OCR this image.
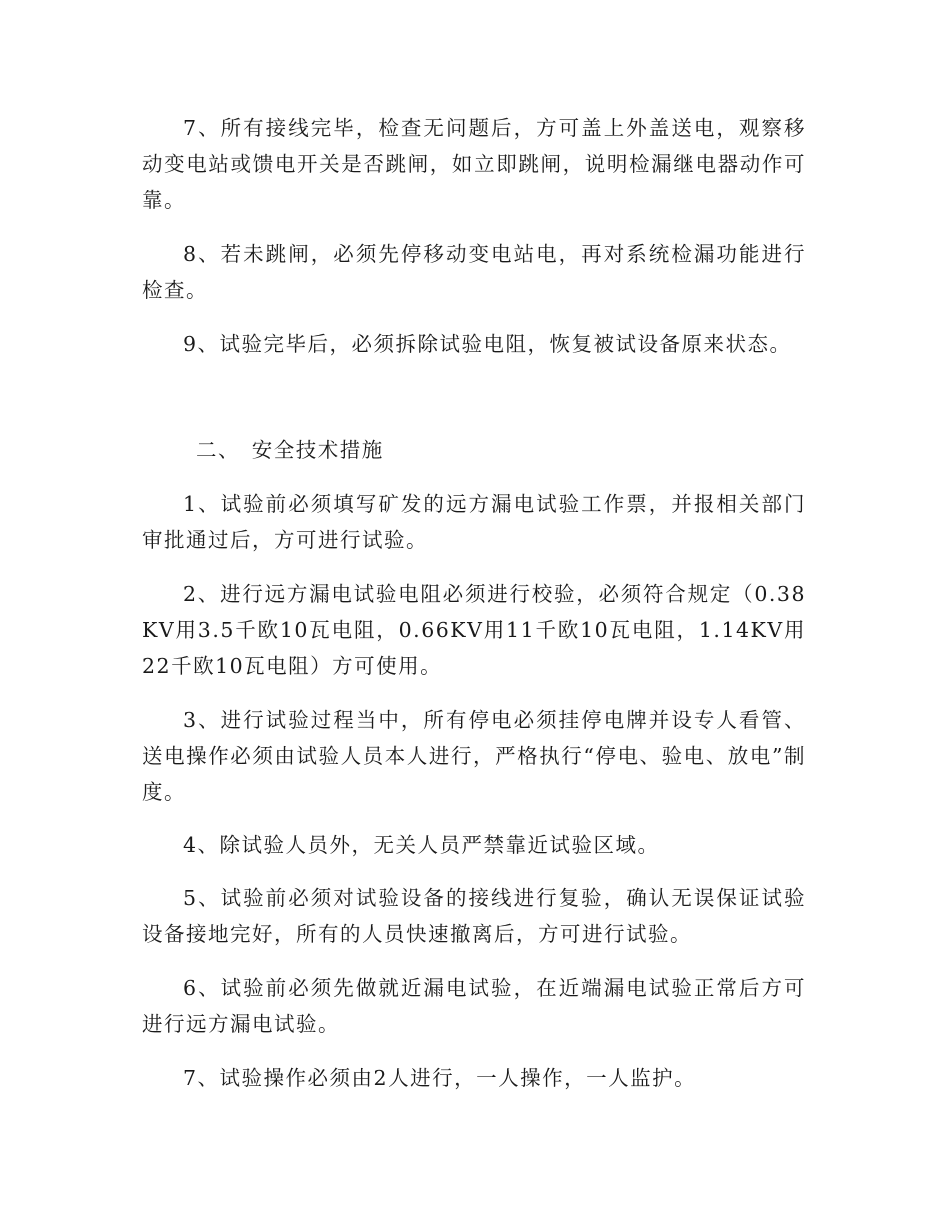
7、所有接线完毕，检查无问题后，方可盖上外盖送电，观察移动变电站或馈电开关是否跳闸，如立即跳闸，说明检漏继电器动作可靠。

8、若未跳闸，必须先停移动变电站电，再对系统检漏功能进行检查。

9、试验完毕后，必须拆除试验电阻，恢复被试设备原来状态。

二、　安全技术措施

1、试验前必须填写矿发的远方漏电试验工作票，并报相关部门审批通过后，方可进行试验。

2、进行远方漏电试验电阻必须进行校验，必须符合规定（0.38KV用3.5千欧10瓦电阻，0.66KV用11千欧10瓦电阻，1.14KV用22千欧10瓦电阻）方可使用。

3、进行试验过程当中，所有停电必须挂停电牌并设专人看管、送电操作必须由试验人员本人进行，严格执行“停电、验电、放电”制度。

4、除试验人员外，无关人员严禁靠近试验区域。

5、试验前必须对试验设备的接线进行复验，确认无误保证试验设备接地完好，所有的人员快速撤离后，方可进行试验。

6、试验前必须先做就近漏电试验，在近端漏电试验正常后方可进行远方漏电试验。

7、试验操作必须由2人进行，一人操作，一人监护。
